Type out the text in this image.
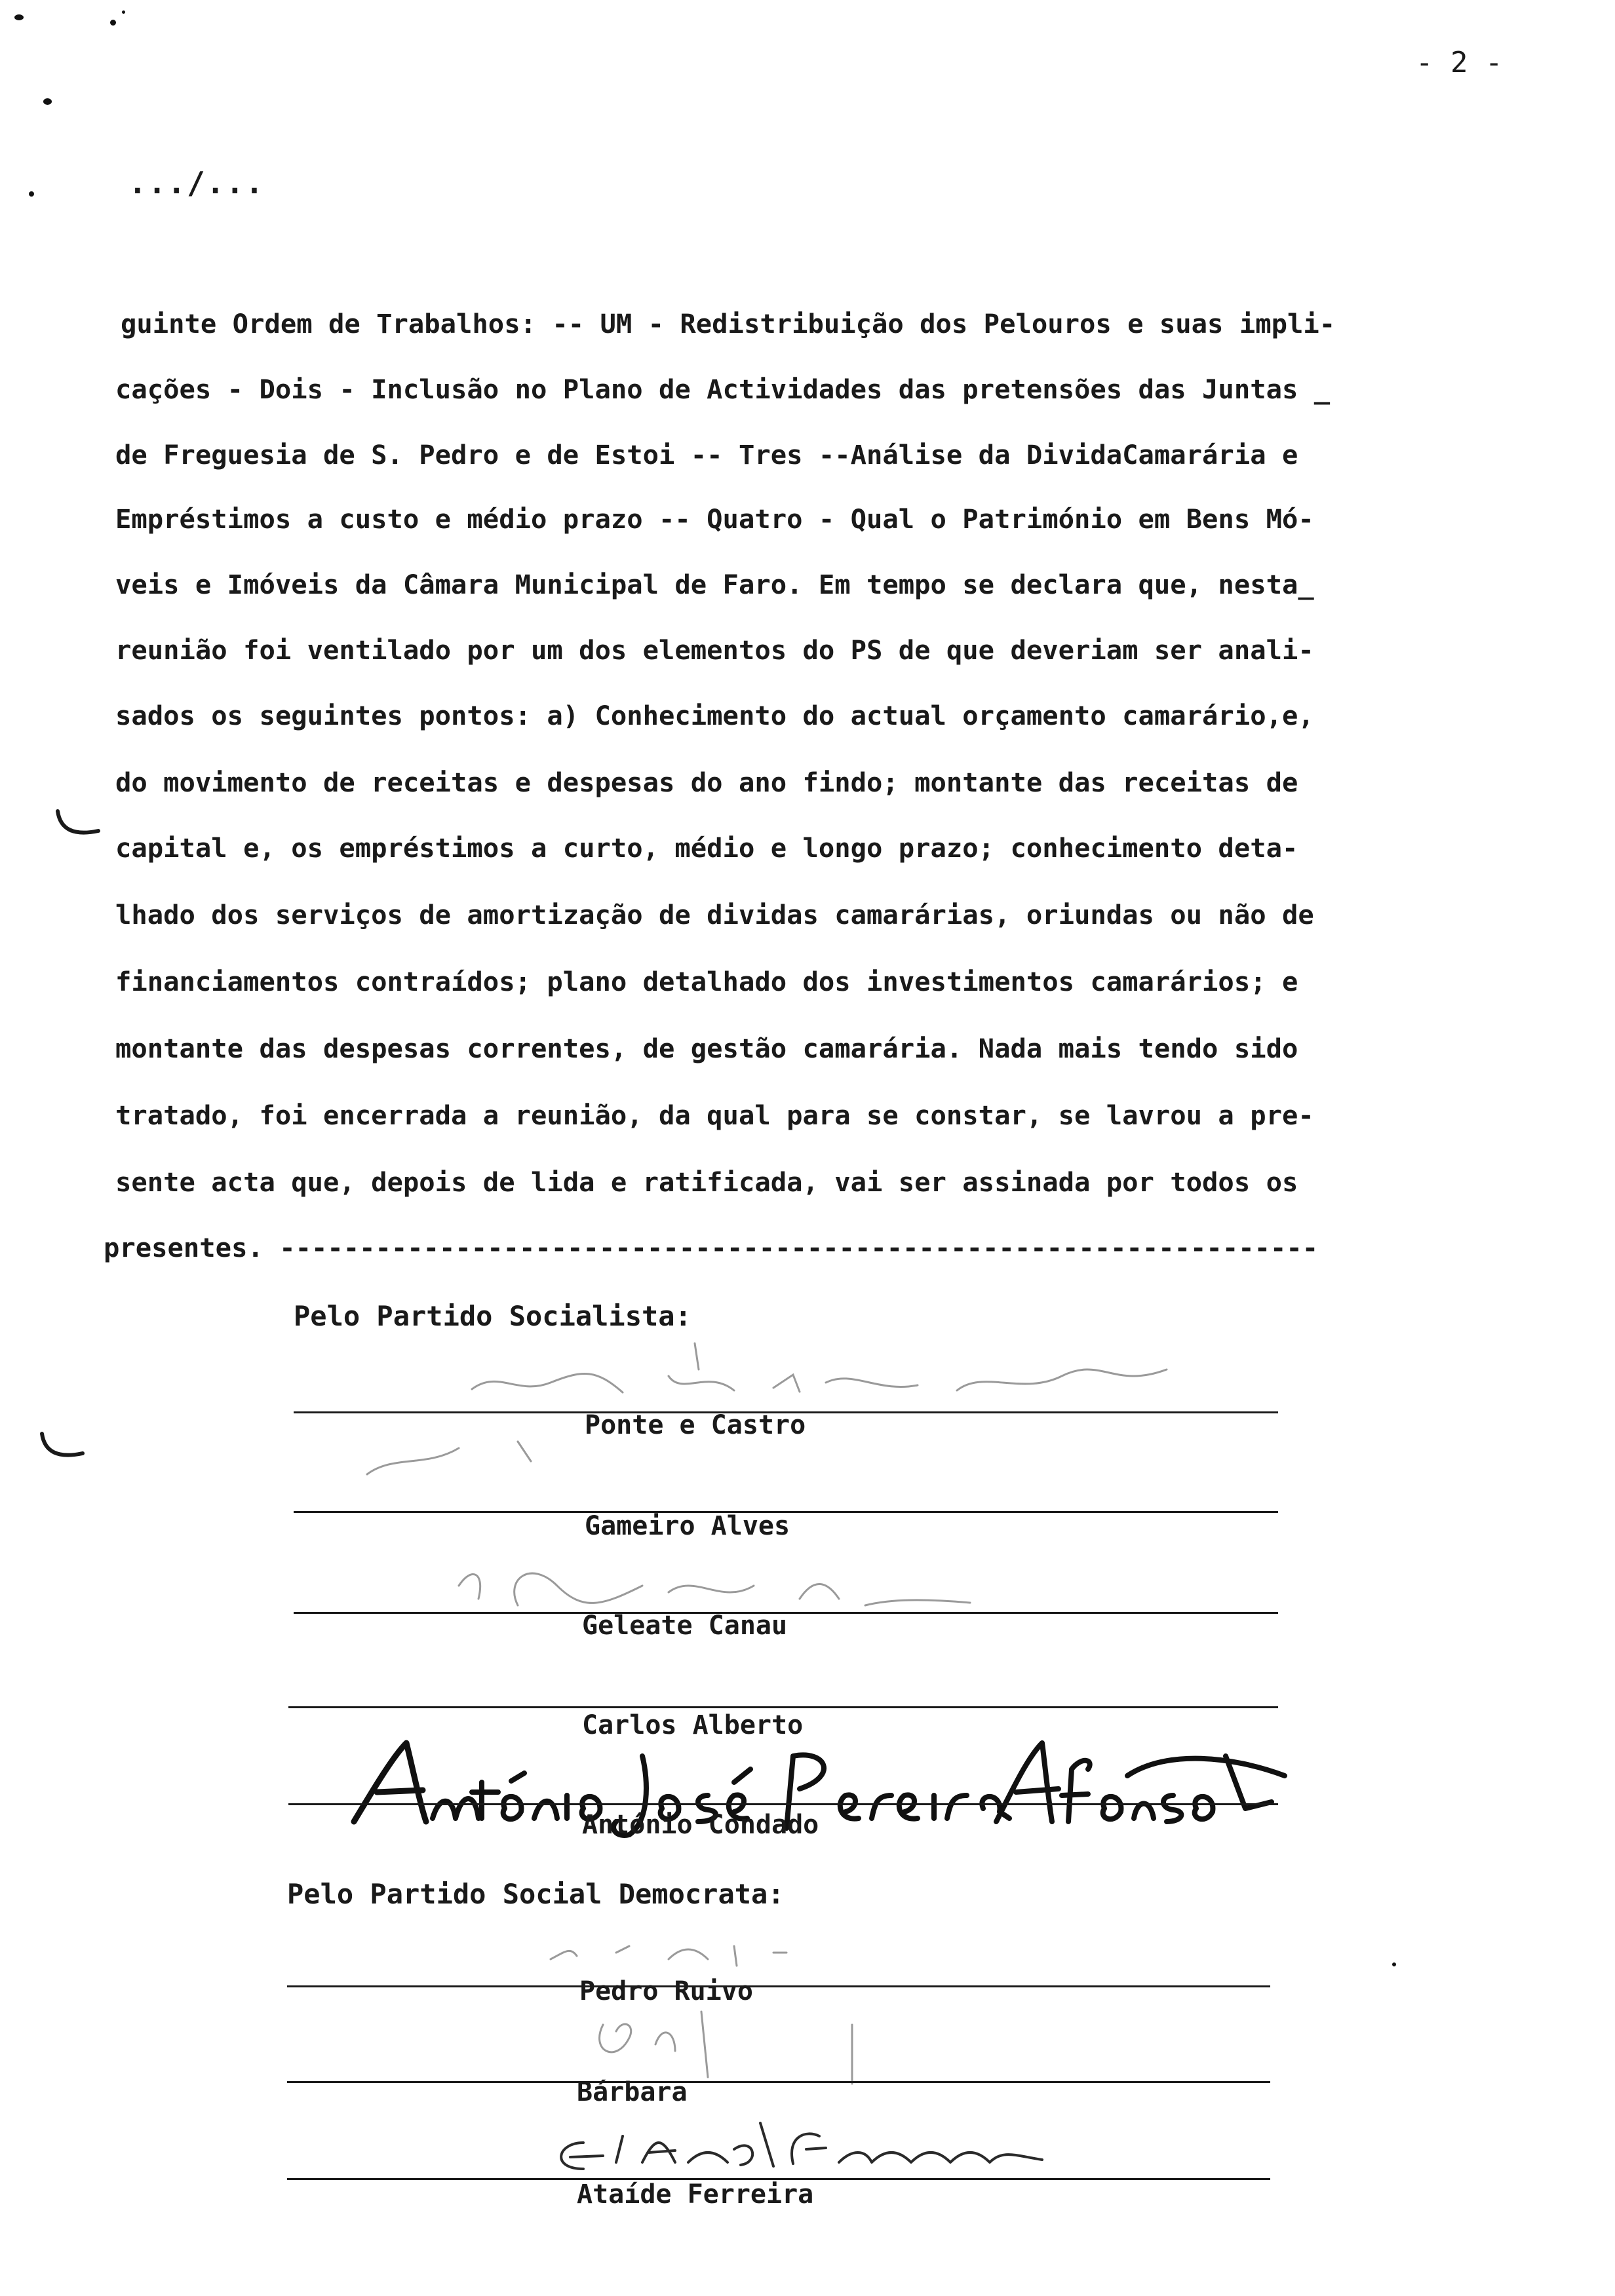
- 2 -
.../...
guinte Ordem de Trabalhos: -- UM - Redistribuição dos Pelouros e suas impli-
cações - Dois - Inclusão no Plano de Actividades das pretensões das Juntas _
de Freguesia de S. Pedro e de Estoi -- Tres --Análise da DividaCamarária e
Empréstimos a custo e médio prazo -- Quatro - Qual o Património em Bens Mó-
veis e Imóveis da Câmara Municipal de Faro. Em tempo se declara que, nesta_
reunião foi ventilado por um dos elementos do PS de que deveriam ser anali-
sados os seguintes pontos: a) Conhecimento do actual orçamento camarário,e,
do movimento de receitas e despesas do ano findo; montante das receitas de
capital e, os empréstimos a curto, médio e longo prazo; conhecimento deta-
lhado dos serviços de amortização de dividas camarárias, oriundas ou não de
financiamentos contraídos; plano detalhado dos investimentos camarários; e
montante das despesas correntes, de gestão camarária. Nada mais tendo sido
tratado, foi encerrada a reunião, da qual para se constar, se lavrou a pre-
sente acta que, depois de lida e ratificada, vai ser assinada por todos os
presentes. -----------------------------------------------------------------
Pelo Partido Socialista:
Ponte e Castro
Gameiro Alves
Geleate Canau
Carlos Alberto
António Condado
Pelo Partido Social Democrata:
Pedro Ruivo
Bárbara
Ataíde Ferreira
